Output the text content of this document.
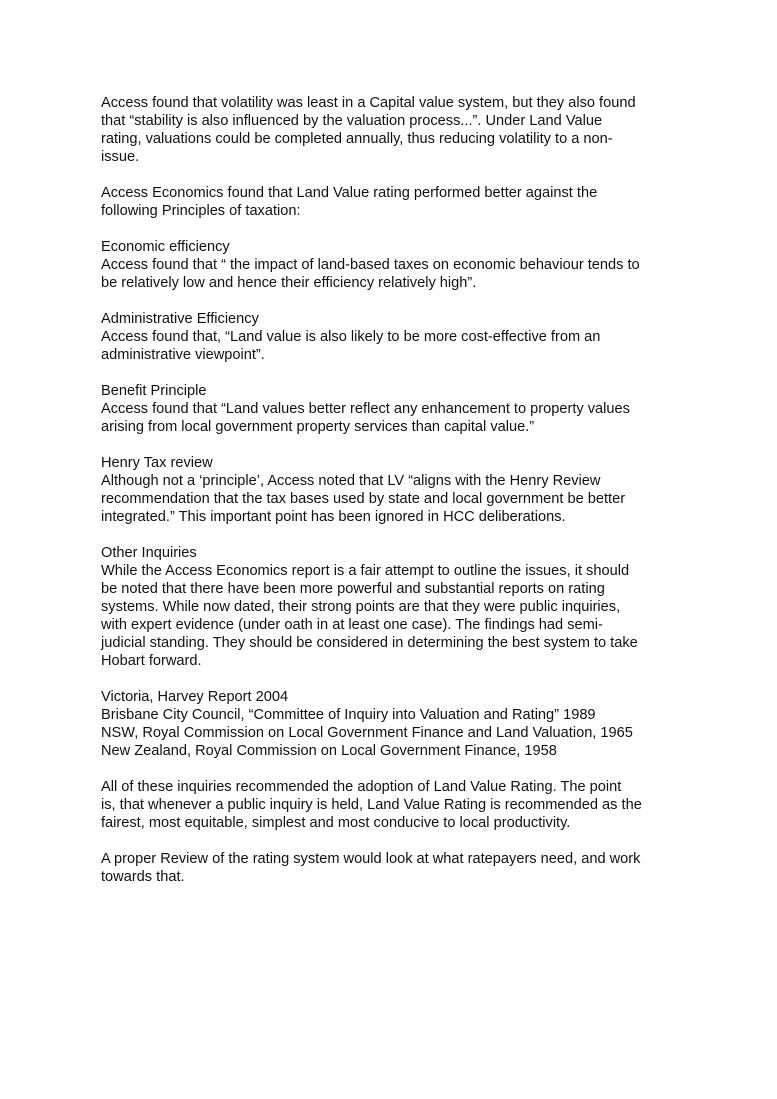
Access found that volatility was least in a Capital value system, but they also found
that “stability is also influenced by the valuation process...”. Under Land Value
rating, valuations could be completed annually, thus reducing volatility to a non-
issue.
Access Economics found that Land Value rating performed better against the
following Principles of taxation:
Economic efficiency
Access found that “ the impact of land-based taxes on economic behaviour tends to
be relatively low and hence their efficiency relatively high”.
Administrative Efficiency
Access found that, “Land value is also likely to be more cost-effective from an
administrative viewpoint”.
Benefit Principle
Access found that “Land values better reflect any enhancement to property values
arising from local government property services than capital value.”
Henry Tax review
Although not a ‘principle’, Access noted that LV “aligns with the Henry Review
recommendation that the tax bases used by state and local government be better
integrated.” This important point has been ignored in HCC deliberations.
Other Inquiries
While the Access Economics report is a fair attempt to outline the issues, it should
be noted that there have been more powerful and substantial reports on rating
systems. While now dated, their strong points are that they were public inquiries,
with expert evidence (under oath in at least one case). The findings had semi-
judicial standing. They should be considered in determining the best system to take
Hobart forward.
Victoria, Harvey Report 2004
Brisbane City Council, “Committee of Inquiry into Valuation and Rating” 1989
NSW, Royal Commission on Local Government Finance and Land Valuation, 1965
New Zealand, Royal Commission on Local Government Finance, 1958
All of these inquiries recommended the adoption of Land Value Rating. The point
is, that whenever a public inquiry is held, Land Value Rating is recommended as the
fairest, most equitable, simplest and most conducive to local productivity.
A proper Review of the rating system would look at what ratepayers need, and work
towards that.
